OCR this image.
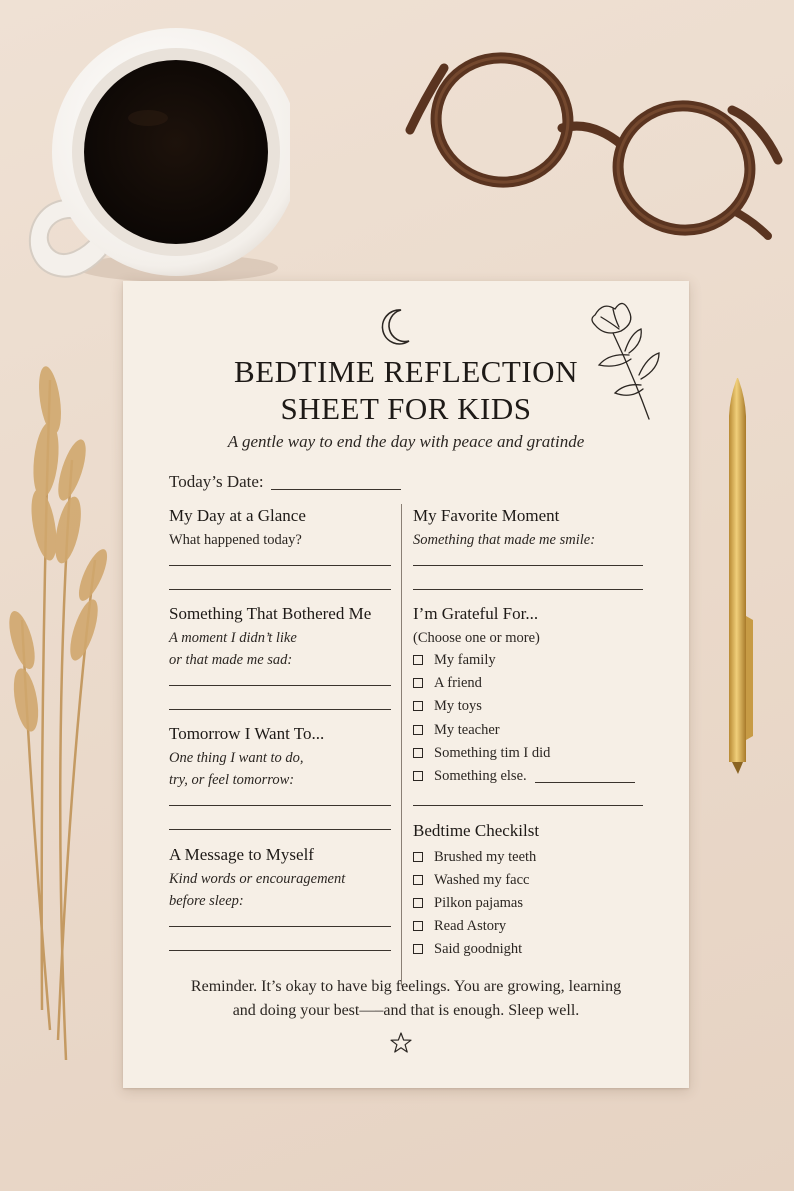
BEDTIME REFLECTION
SHEET FOR KIDS
A gentle way to end the day with peace and gratinde
Today’s Date:
My Day at a Glance
What happened today?
Something That Bothered Me
A moment I didn’t like
or that made me sad:
Tomorrow I Want To...
One thing I want to do,
try, or feel tomorrow:
A Message to Myself
Kind words or encouragement
before sleep:
My Favorite Moment
Something that made me smile:
I’m Grateful For...
(Choose one or more)
My family
A friend
My toys
My teacher
Something tim I did
Something else.
Bedtime Checkilst
Brushed my teeth
Washed my facc
Pilkon pajamas
Read Astory
Said goodnight
Reminder. It’s okay to have big feelings. You are growing, learning
and doing your best—–and that is enough. Sleep well.
